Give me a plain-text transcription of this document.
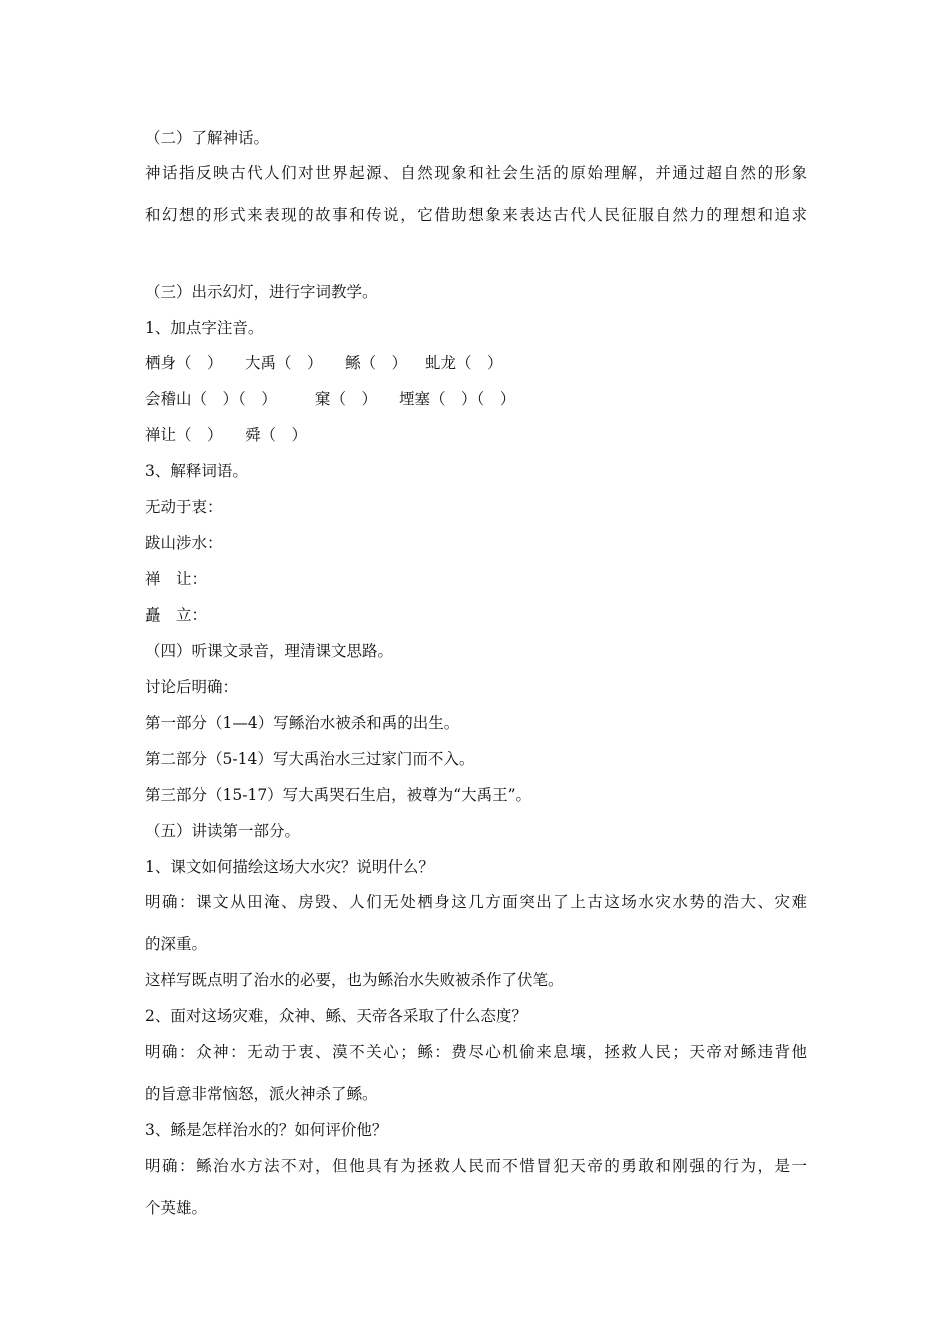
（二）了解神话。

神话指反映古代人们对世界起源、自然现象和社会生活的原始理解，并通过超自然的形象

和幻想的形式来表现的故事和传说，它借助想象来表达古代人民征服自然力的理想和追求

（三）出示幻灯，进行字词教学。

1、加点字注音。

栖身（　） 大禹（　） 鲧（　） 虬龙（　）

会稽山（　）（　） 窠（　） 堙塞（　）（　）

禅让（　） 舜（　）

3、解释词语。

无动于衷：

跋山涉水：

禅　让：

矗　立：

（四）听课文录音，理清课文思路。

讨论后明确：

第一部分（1—4）写鲧治水被杀和禹的出生。

第二部分（5-14）写大禹治水三过家门而不入。

第三部分（15-17）写大禹哭石生启，被尊为“大禹王”。

（五）讲读第一部分。

1、课文如何描绘这场大水灾？说明什么？

明确：课文从田淹、房毁、人们无处栖身这几方面突出了上古这场水灾水势的浩大、灾难

的深重。

这样写既点明了治水的必要，也为鲧治水失败被杀作了伏笔。

2、面对这场灾难，众神、鲧、天帝各采取了什么态度？

明确：众神：无动于衷、漠不关心；鲧：费尽心机偷来息壤，拯救人民；天帝对鲧违背他

的旨意非常恼怒，派火神杀了鲧。

3、鲧是怎样治水的？如何评价他？

明确：鲧治水方法不对，但他具有为拯救人民而不惜冒犯天帝的勇敢和刚强的行为，是一

个英雄。
